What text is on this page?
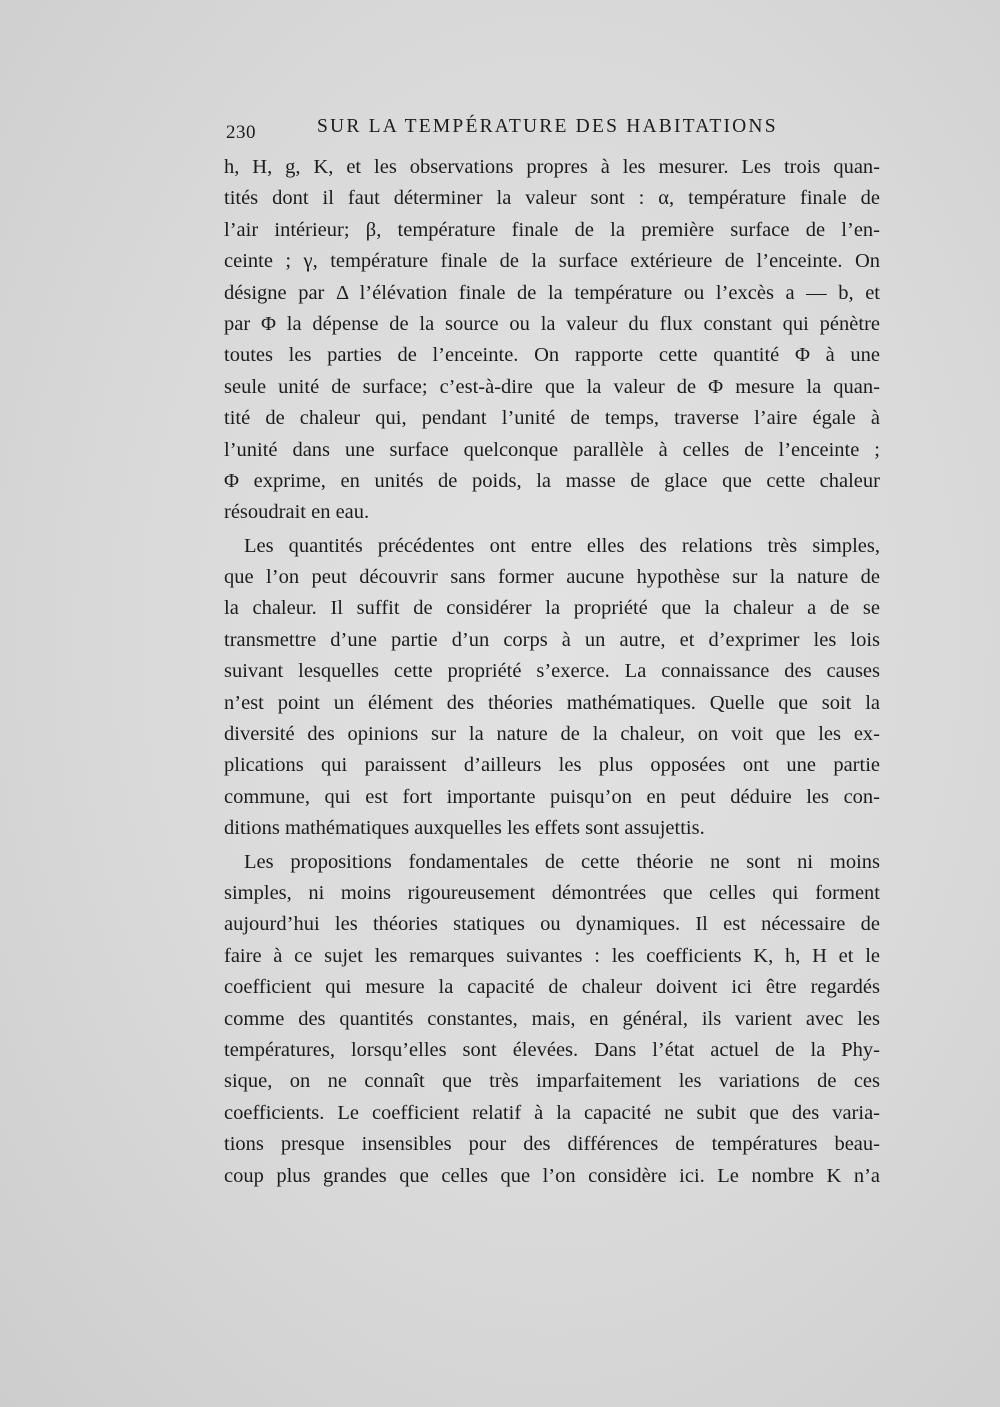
230	SUR LA TEMPÉRATURE DES HABITATIONS
h, H, g, K, et les observations propres à les mesurer. Les trois quan-
tités dont il faut déterminer la valeur sont : α, température finale de
l’air intérieur; β, température finale de la première surface de l’en-
ceinte ; γ, température finale de la surface extérieure de l’enceinte. On
désigne par Δ l’élévation finale de la température ou l’excès a — b, et
par Φ la dépense de la source ou la valeur du flux constant qui pénètre
toutes les parties de l’enceinte. On rapporte cette quantité Φ à une
seule unité de surface; c’est-à-dire que la valeur de Φ mesure la quan-
tité de chaleur qui, pendant l’unité de temps, traverse l’aire égale à
l’unité dans une surface quelconque parallèle à celles de l’enceinte ;
Φ exprime, en unités de poids, la masse de glace que cette chaleur
résoudrait en eau.
Les quantités précédentes ont entre elles des relations très simples,
que l’on peut découvrir sans former aucune hypothèse sur la nature de
la chaleur. Il suffit de considérer la propriété que la chaleur a de se
transmettre d’une partie d’un corps à un autre, et d’exprimer les lois
suivant lesquelles cette propriété s’exerce. La connaissance des causes
n’est point un élément des théories mathématiques. Quelle que soit la
diversité des opinions sur la nature de la chaleur, on voit que les ex-
plications qui paraissent d’ailleurs les plus opposées ont une partie
commune, qui est fort importante puisqu’on en peut déduire les con-
ditions mathématiques auxquelles les effets sont assujettis.
Les propositions fondamentales de cette théorie ne sont ni moins
simples, ni moins rigoureusement démontrées que celles qui forment
aujourd’hui les théories statiques ou dynamiques. Il est nécessaire de
faire à ce sujet les remarques suivantes : les coefficients K, h, H et le
coefficient qui mesure la capacité de chaleur doivent ici être regardés
comme des quantités constantes, mais, en général, ils varient avec les
températures, lorsqu’elles sont élevées. Dans l’état actuel de la Phy-
sique, on ne connaît que très imparfaitement les variations de ces
coefficients. Le coefficient relatif à la capacité ne subit que des varia-
tions presque insensibles pour des différences de températures beau-
coup plus grandes que celles que l’on considère ici. Le nombre K n’a
